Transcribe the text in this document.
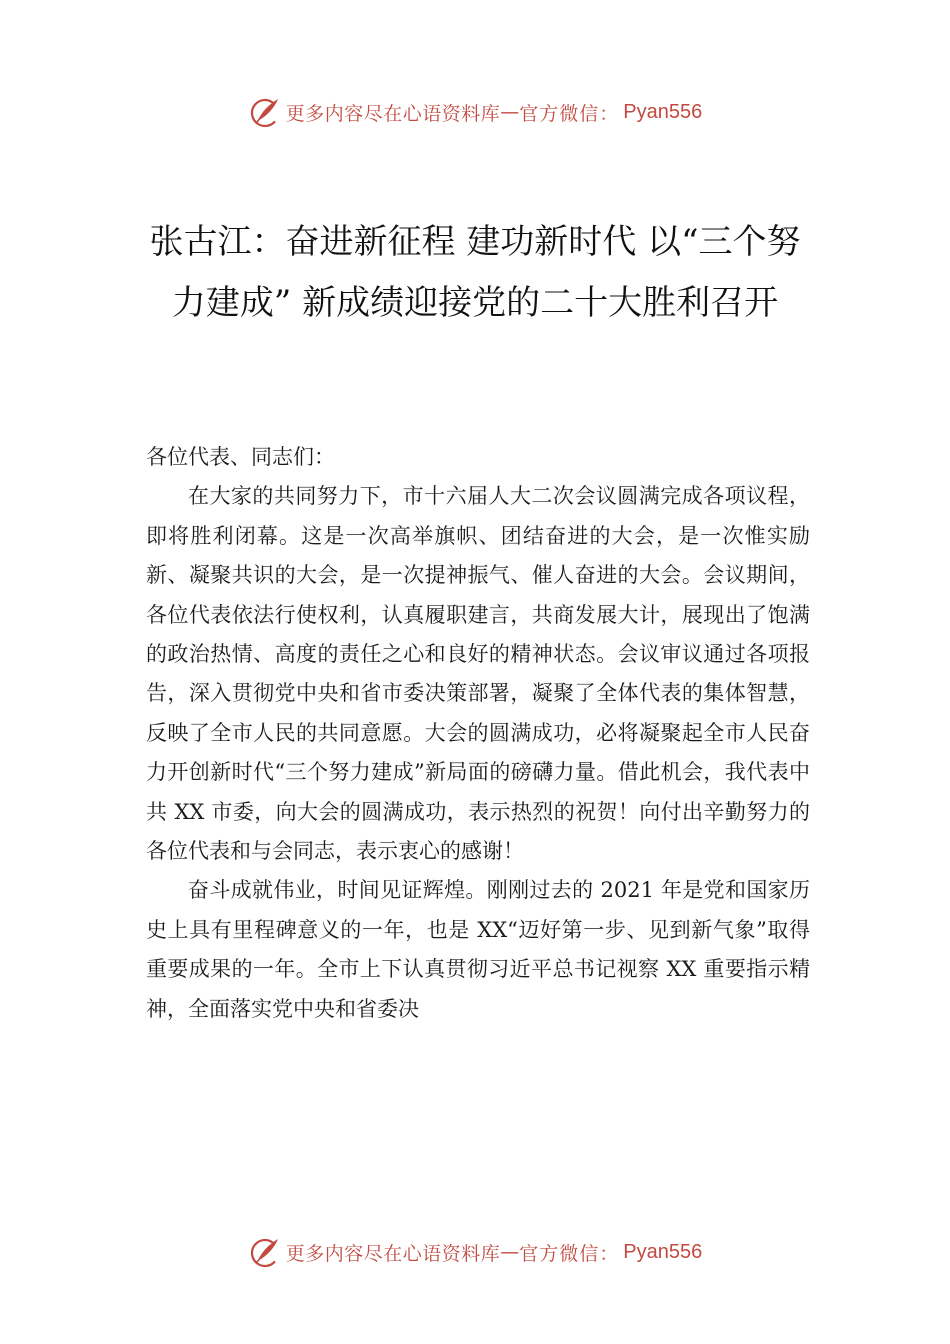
更多内容尽在心语资料库 — 官方微信： Pyan556
张古江：奋进新征程 建功新时代 以“三个努力建成” 新成绩迎接党的二十大胜利召开

各位代表、同志们：

在大家的共同努力下，市十六届人大二次会议圆满完成各项议程，即将胜利闭幕。这是一次高举旗帜、团结奋进的大会，是一次惟实励新、凝聚共识的大会，是一次提神振气、催人奋进的大会。会议期间，各位代表依法行使权利，认真履职建言，共商发展大计，展现出了饱满的政治热情、高度的责任之心和良好的精神状态。会议审议通过各项报告，深入贯彻党中央和省市委决策部署，凝聚了全体代表的集体智慧，反映了全市人民的共同意愿。大会的圆满成功，必将凝聚起全市人民奋力开创新时代“三个努力建成”新局面的磅礴力量。借此机会，我代表中共 XX 市委，向大会的圆满成功，表示热烈的祝贺！向付出辛勤努力的各位代表和与会同志，表示衷心的感谢！

奋斗成就伟业，时间见证辉煌。刚刚过去的 2021 年是党和国家历史上具有里程碑意义的一年，也是 XX“迈好第一步、见到新气象”取得重要成果的一年。全市上下认真贯彻习近平总书记视察 XX 重要指示精神，全面落实党中央和省委决

更多内容尽在心语资料库 — 官方微信： Pyan556
